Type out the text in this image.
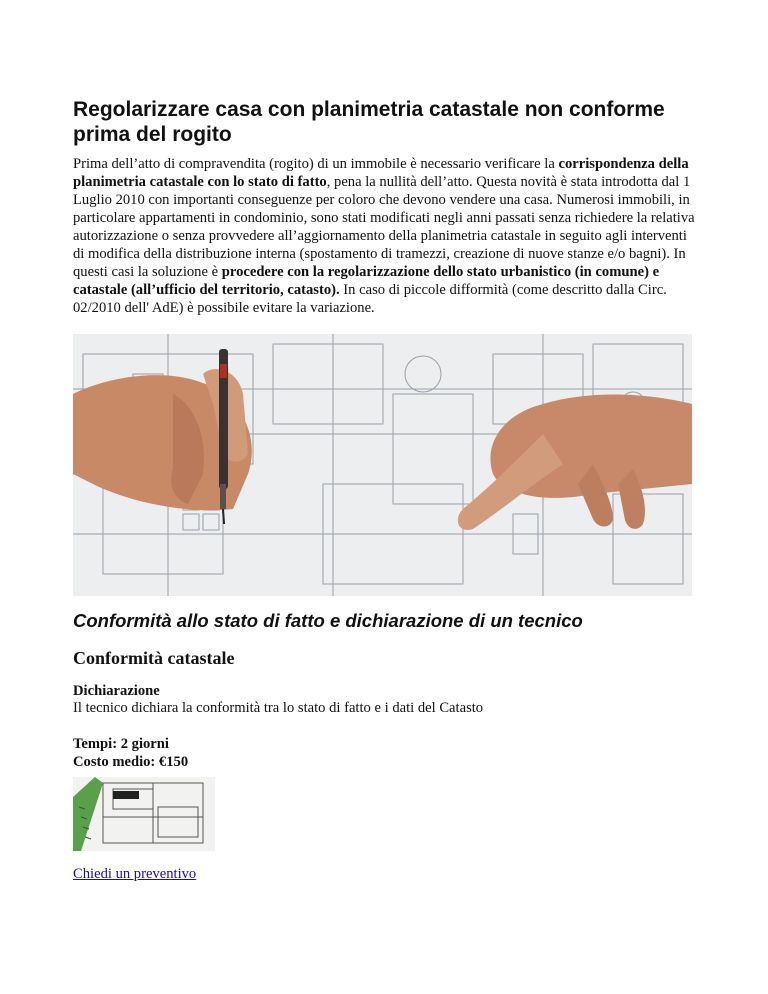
Regolarizzare casa con planimetria catastale non conforme prima del rogito

Prima dell’atto di compravendita (rogito) di un immobile è necessario verificare la corrispondenza della planimetria catastale con lo stato di fatto, pena la nullità dell’atto. Questa novità è stata introdotta dal 1 Luglio 2010 con importanti conseguenze per coloro che devono vendere una casa. Numerosi immobili, in particolare appartamenti in condominio, sono stati modificati negli anni passati senza richiedere la relativa autorizzazione o senza provvedere all’aggiornamento della planimetria catastale in seguito agli interventi di modifica della distribuzione interna (spostamento di tramezzi, creazione di nuove stanze e/o bagni). In questi casi la soluzione è procedere con la regolarizzazione dello stato urbanistico (in comune) e catastale (all’ufficio del territorio, catasto). In caso di piccole difformità (come descritto dalla Circ. 02/2010 dell' AdE) è possibile evitare la variazione.

Conformità allo stato di fatto e dichiarazione di un tecnico
Conformità catastale
Dichiarazione
Il tecnico dichiara la conformità tra lo stato di fatto e i dati del Catasto
Tempi: 2 giorni
Costo medio: €150
Chiedi un preventivo
